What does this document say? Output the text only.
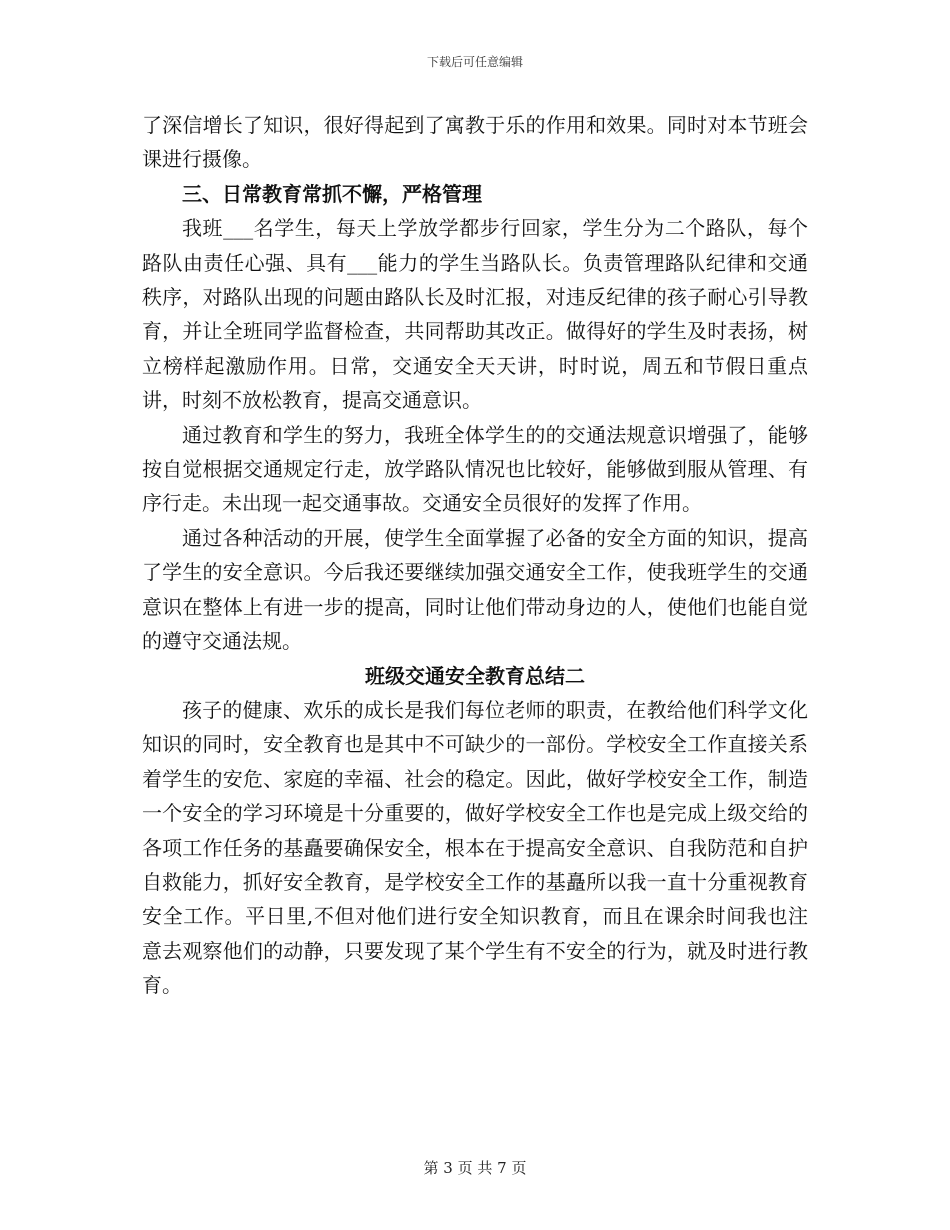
下载后可任意编辑

了深信增长了知识，很好得起到了寓教于乐的作用和效果。同时对本节班会课进行摄像。

三、日常教育常抓不懈，严格管理

我班___名学生，每天上学放学都步行回家，学生分为二个路队，每个路队由责任心强、具有___能力的学生当路队长。负责管理路队纪律和交通秩序，对路队出现的问题由路队长及时汇报，对违反纪律的孩子耐心引导教育，并让全班同学监督检查，共同帮助其改正。做得好的学生及时表扬，树立榜样起激励作用。日常，交通安全天天讲，时时说，周五和节假日重点讲，时刻不放松教育，提高交通意识。

通过教育和学生的努力，我班全体学生的的交通法规意识增强了，能够按自觉根据交通规定行走，放学路队情况也比较好，能够做到服从管理、有序行走。未出现一起交通事故。交通安全员很好的发挥了作用。

通过各种活动的开展，使学生全面掌握了必备的安全方面的知识，提高了学生的安全意识。今后我还要继续加强交通安全工作，使我班学生的交通意识在整体上有进一步的提高，同时让他们带动身边的人，使他们也能自觉的遵守交通法规。

班级交通安全教育总结二

孩子的健康、欢乐的成长是我们每位老师的职责，在教给他们科学文化知识的同时，安全教育也是其中不可缺少的一部份。学校安全工作直接关系着学生的安危、家庭的幸福、社会的稳定。因此，做好学校安全工作，制造一个安全的学习环境是十分重要的，做好学校安全工作也是完成上级交给的各项工作任务的基矗要确保安全，根本在于提高安全意识、自我防范和自护自救能力，抓好安全教育，是学校安全工作的基矗所以我一直十分重视教育安全工作。平日里,不但对他们进行安全知识教育，而且在课余时间我也注意去观察他们的动静，只要发现了某个学生有不安全的行为，就及时进行教育。

第 3 页 共 7 页
